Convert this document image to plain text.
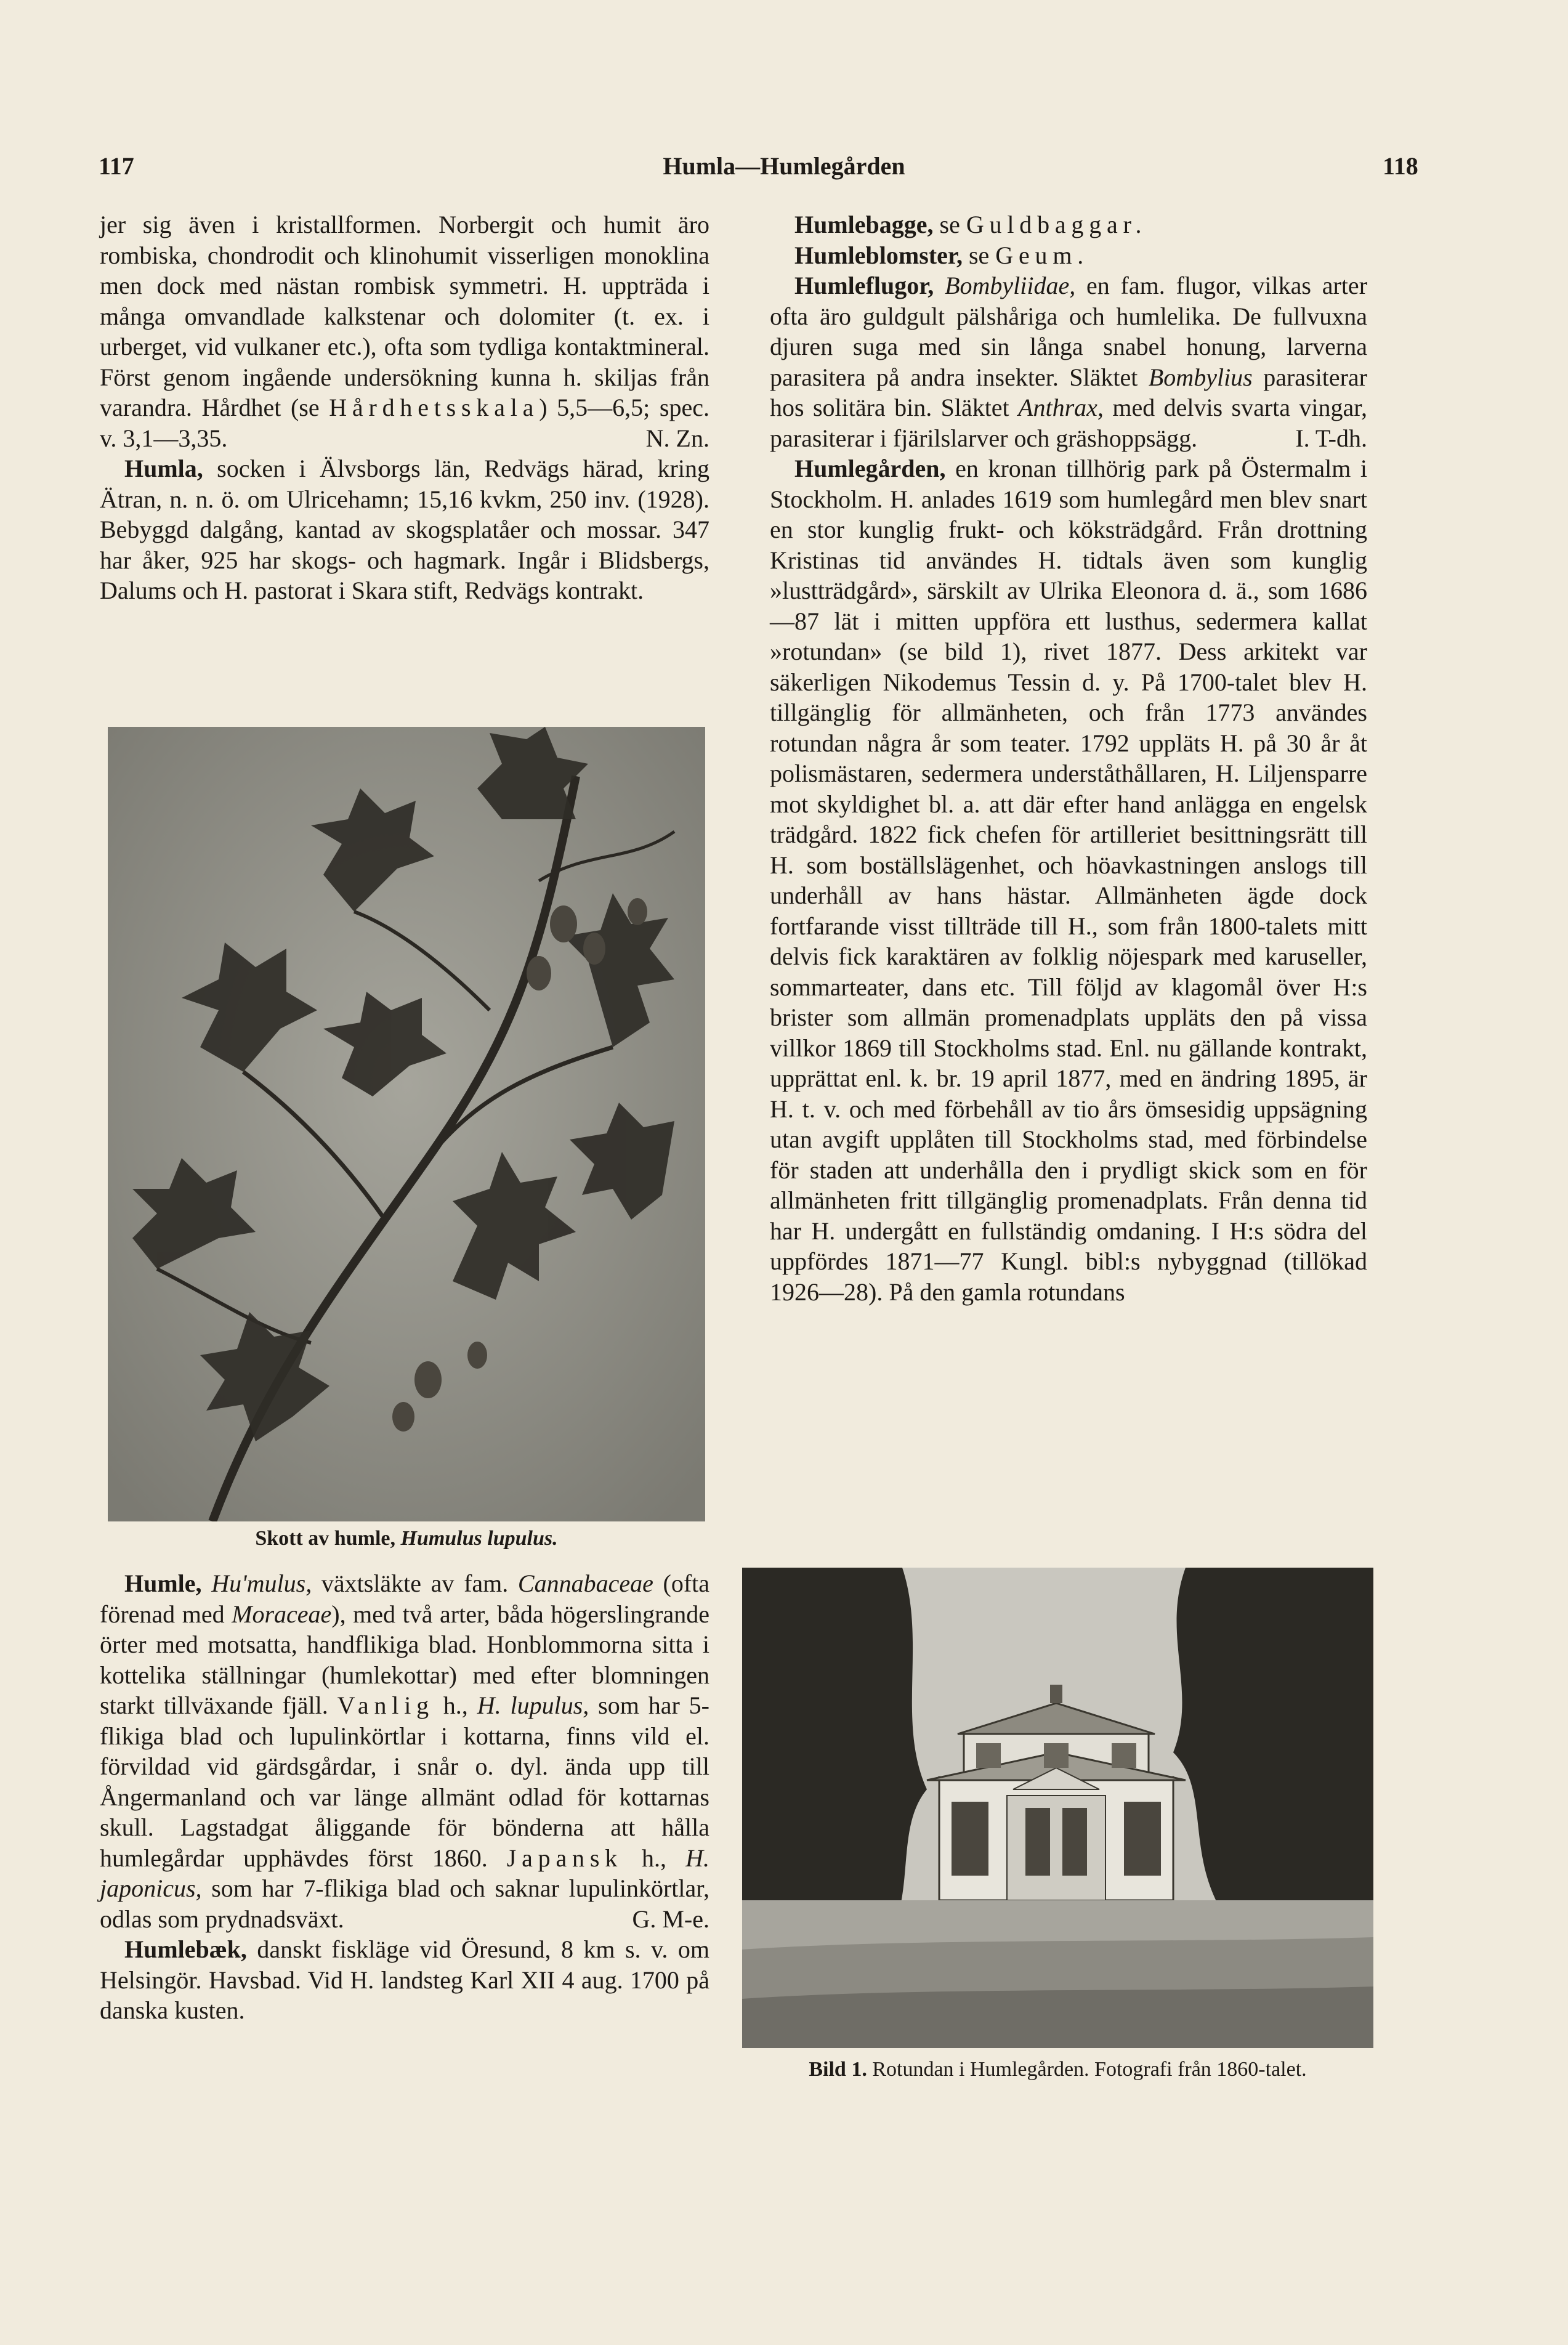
117	Humla—Humlegården	118

jer sig även i kristallformen. Norbergit och humit äro rombiska, chondrodit och klinohumit visserligen monoklina men dock med nästan rombisk symmetri. H. uppträda i många omvandlade kalkstenar och dolomiter (t. ex. i urberget, vid vulkaner etc.), ofta som tydliga kontaktmineral. Först genom ingående undersökning kunna h. skiljas från varandra. Hårdhet (se Hårdhetsskala) 5,5—6,5; spec. v. 3,1—3,35.	N. Zn.

Humla, socken i Älvsborgs län, Redvägs härad, kring Ätran, n. n. ö. om Ulricehamn; 15,16 kvkm, 250 inv. (1928). Bebyggd dalgång, kantad av skogsplatåer och mossar. 347 har åker, 925 har skogs- och hagmark. Ingår i Blidsbergs, Dalums och H. pastorat i Skara stift, Redvägs kontrakt.

Skott av humle, Humulus lupulus.

Humle, Hu'mulus, växtsläkte av fam. Cannabaceae (ofta förenad med Moraceae), med två arter, båda högerslingrande örter med motsatta, handflikiga blad. Honblommorna sitta i kottelika ställningar (humlekottar) med efter blomningen starkt tillväxande fjäll. Vanlig h., H. lupulus, som har 5-flikiga blad och lupulinkörtlar i kottarna, finns vild el. förvildad vid gärdsgårdar, i snår o. dyl. ända upp till Ångermanland och var länge allmänt odlad för kottarnas skull. Lagstadgat åliggande för bönderna att hålla humlegårdar upphävdes först 1860. Japansk h., H. japonicus, som har 7-flikiga blad och saknar lupulinkörtlar, odlas som prydnadsväxt.	G. M-e.

Humlebæk, danskt fiskläge vid Öresund, 8 km s. v. om Helsingör. Havsbad. Vid H. landsteg Karl XII 4 aug. 1700 på danska kusten.

Humlebagge, se Guldbaggar.

Humleblomster, se Geum.

Humleflugor, Bombyliidae, en fam. flugor, vilkas arter ofta äro guldgult pälshåriga och humlelika. De fullvuxna djuren suga med sin långa snabel honung, larverna parasitera på andra insekter. Släktet Bombylius parasiterar hos solitära bin. Släktet Anthrax, med delvis svarta vingar, parasiterar i fjärilslarver och gräshoppsägg.	I. T-dh.

Humlegården, en kronan tillhörig park på Östermalm i Stockholm. H. anlades 1619 som humlegård men blev snart en stor kunglig frukt- och köksträdgård. Från drottning Kristinas tid användes H. tidtals även som kunglig »lustträdgård», särskilt av Ulrika Eleonora d. ä., som 1686—87 lät i mitten uppföra ett lusthus, sedermera kallat »rotundan» (se bild 1), rivet 1877. Dess arkitekt var säkerligen Nikodemus Tessin d. y. På 1700-talet blev H. tillgänglig för allmänheten, och från 1773 användes rotundan några år som teater. 1792 uppläts H. på 30 år åt polismästaren, sedermera underståthållaren, H. Liljensparre mot skyldighet bl. a. att där efter hand anlägga en engelsk trädgård. 1822 fick chefen för artilleriet besittningsrätt till H. som boställslägenhet, och höavkastningen anslogs till underhåll av hans hästar. Allmänheten ägde dock fortfarande visst tillträde till H., som från 1800-talets mitt delvis fick karaktären av folklig nöjespark med karuseller, sommarteater, dans etc. Till följd av klagomål över H:s brister som allmän promenadplats uppläts den på vissa villkor 1869 till Stockholms stad. Enl. nu gällande kontrakt, upprättat enl. k. br. 19 april 1877, med en ändring 1895, är H. t. v. och med förbehåll av tio års ömsesidig uppsägning utan avgift upplåten till Stockholms stad, med förbindelse för staden att underhålla den i prydligt skick som en för allmänheten fritt tillgänglig promenadplats. Från denna tid har H. undergått en fullständig omdaning. I H:s södra del uppfördes 1871—77 Kungl. bibl:s nybyggnad (tillökad 1926—28). På den gamla rotundans

Bild 1. Rotundan i Humlegården. Fotografi från 1860-talet.
